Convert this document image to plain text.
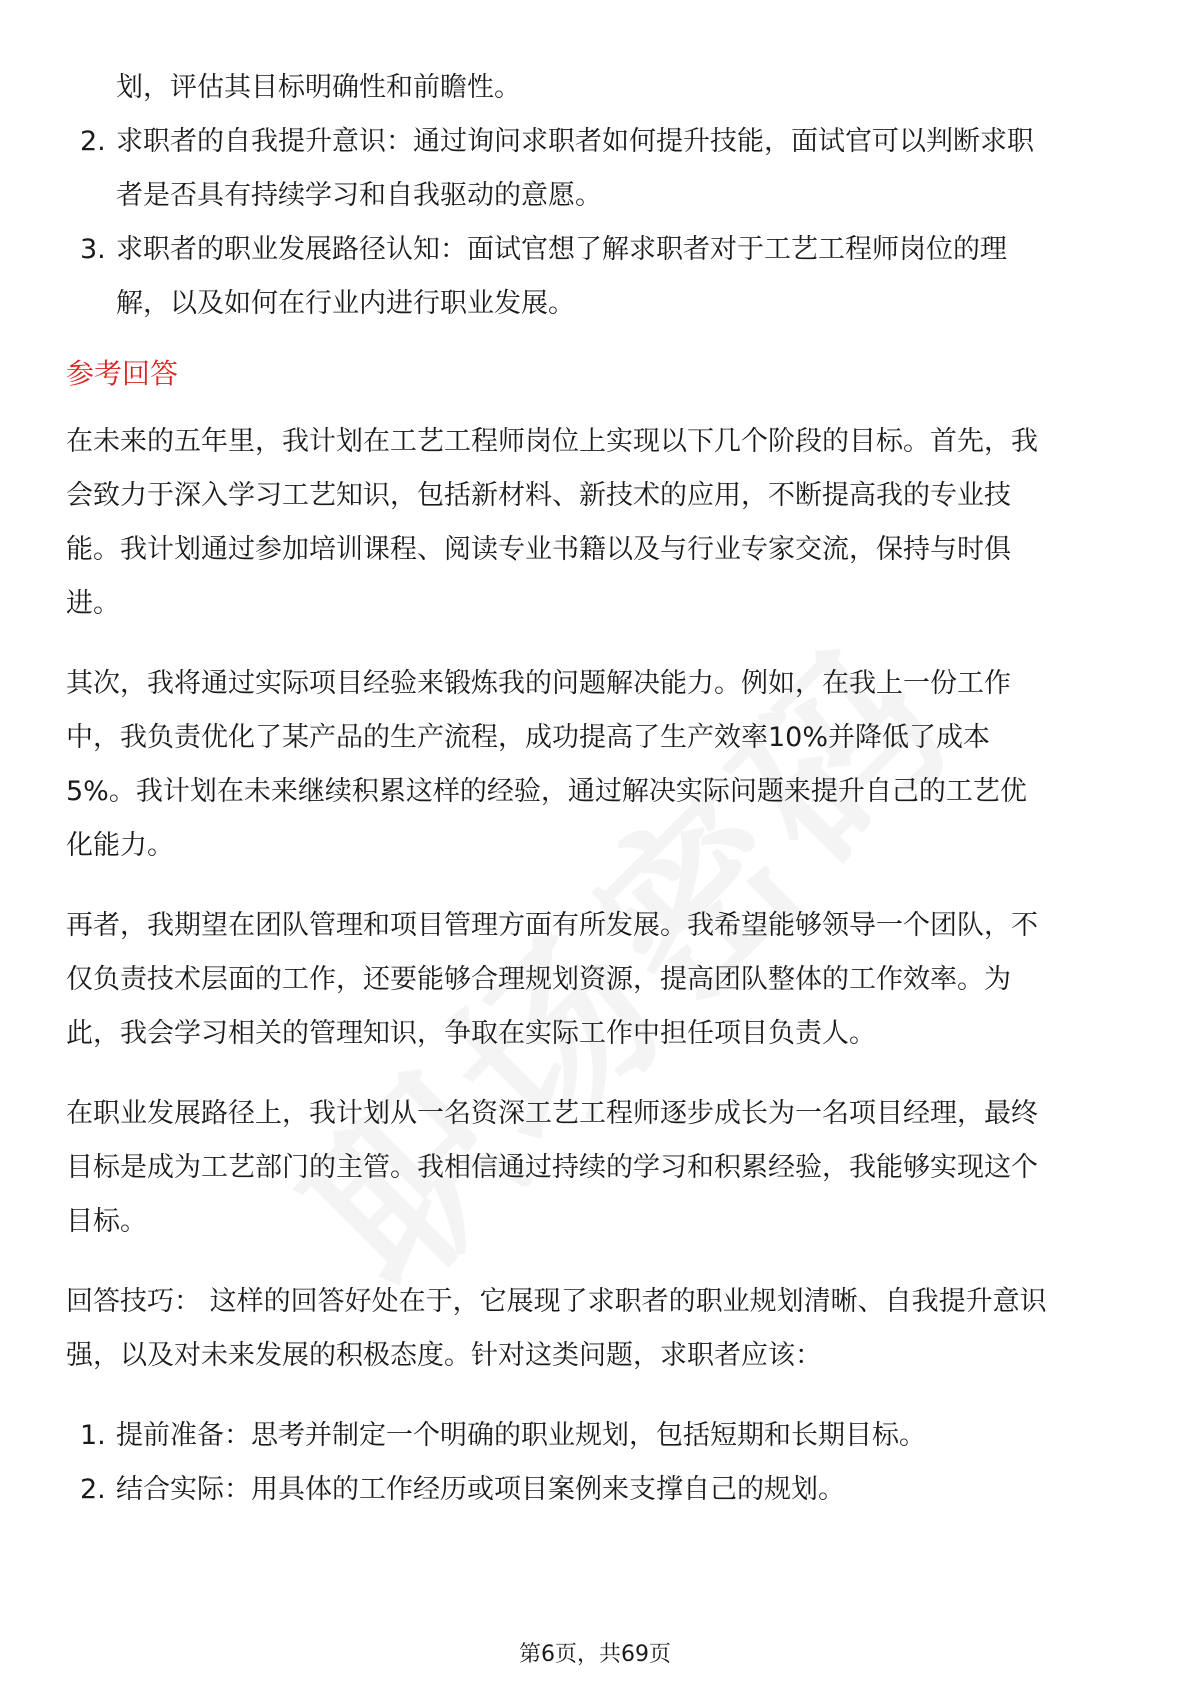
划，评估其目标明确性和前瞻性。
2. 求职者的自我提升意识：通过询问求职者如何提升技能，面试官可以判断求职
者是否具有持续学习和自我驱动的意愿。
3. 求职者的职业发展路径认知：面试官想了解求职者对于工艺工程师岗位的理
解，以及如何在行业内进行职业发展。
参考回答
在未来的五年里，我计划在工艺工程师岗位上实现以下几个阶段的目标。首先，我
会致力于深入学习工艺知识，包括新材料、新技术的应用，不断提高我的专业技
能。我计划通过参加培训课程、阅读专业书籍以及与行业专家交流，保持与时俱
进。
其次，我将通过实际项目经验来锻炼我的问题解决能力。例如，在我上一份工作
中，我负责优化了某产品的生产流程，成功提高了生产效率10%并降低了成本
5%。我计划在未来继续积累这样的经验，通过解决实际问题来提升自己的工艺优
化能力。
再者，我期望在团队管理和项目管理方面有所发展。我希望能够领导一个团队，不
仅负责技术层面的工作，还要能够合理规划资源，提高团队整体的工作效率。为
此，我会学习相关的管理知识，争取在实际工作中担任项目负责人。
在职业发展路径上，我计划从一名资深工艺工程师逐步成长为一名项目经理，最终
目标是成为工艺部门的主管。我相信通过持续的学习和积累经验，我能够实现这个
目标。
回答技巧： 这样的回答好处在于，它展现了求职者的职业规划清晰、自我提升意识
强，以及对未来发展的积极态度。针对这类问题，求职者应该：
1. 提前准备：思考并制定一个明确的职业规划，包括短期和长期目标。
2. 结合实际：用具体的工作经历或项目案例来支撑自己的规划。
第6页，共69页
